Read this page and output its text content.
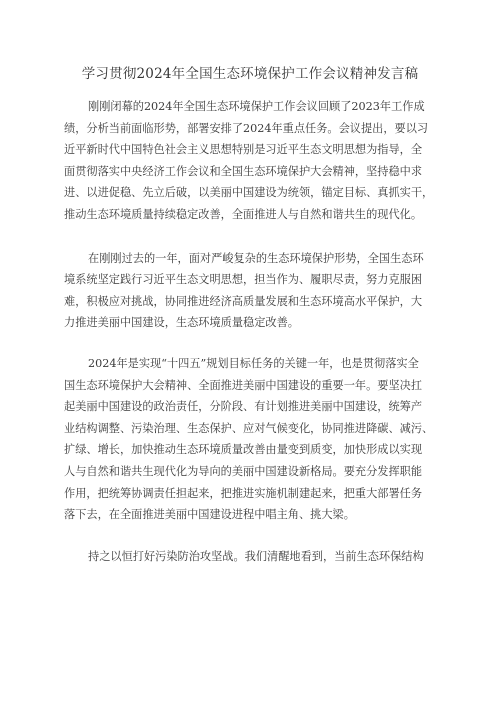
学习贯彻2024年全国生态环境保护工作会议精神发言稿
刚刚闭幕的2024年全国生态环境保护工作会议回顾了2023年工作成
绩，分析当前面临形势，部署安排了2024年重点任务。会议提出，要以习
近平新时代中国特色社会主义思想特别是习近平生态文明思想为指导，全
面贯彻落实中央经济工作会议和全国生态环境保护大会精神，坚持稳中求
进、以进促稳、先立后破，以美丽中国建设为统领，锚定目标、真抓实干，
推动生态环境质量持续稳定改善，全面推进人与自然和谐共生的现代化。
在刚刚过去的一年，面对严峻复杂的生态环境保护形势，全国生态环
境系统坚定践行习近平生态文明思想，担当作为、履职尽责，努力克服困
难，积极应对挑战，协同推进经济高质量发展和生态环境高水平保护，大
力推进美丽中国建设，生态环境质量稳定改善。
2024年是实现“十四五”规划目标任务的关键一年，也是贯彻落实全
国生态环境保护大会精神、全面推进美丽中国建设的重要一年。要坚决扛
起美丽中国建设的政治责任，分阶段、有计划推进美丽中国建设，统筹产
业结构调整、污染治理、生态保护、应对气候变化，协同推进降碳、减污、
扩绿、增长，加快推动生态环境质量改善由量变到质变，加快形成以实现
人与自然和谐共生现代化为导向的美丽中国建设新格局。要充分发挥职能
作用，把统筹协调责任担起来，把推进实施机制建起来，把重大部署任务
落下去，在全面推进美丽中国建设进程中唱主角、挑大梁。
持之以恒打好污染防治攻坚战。我们清醒地看到，当前生态环保结构
